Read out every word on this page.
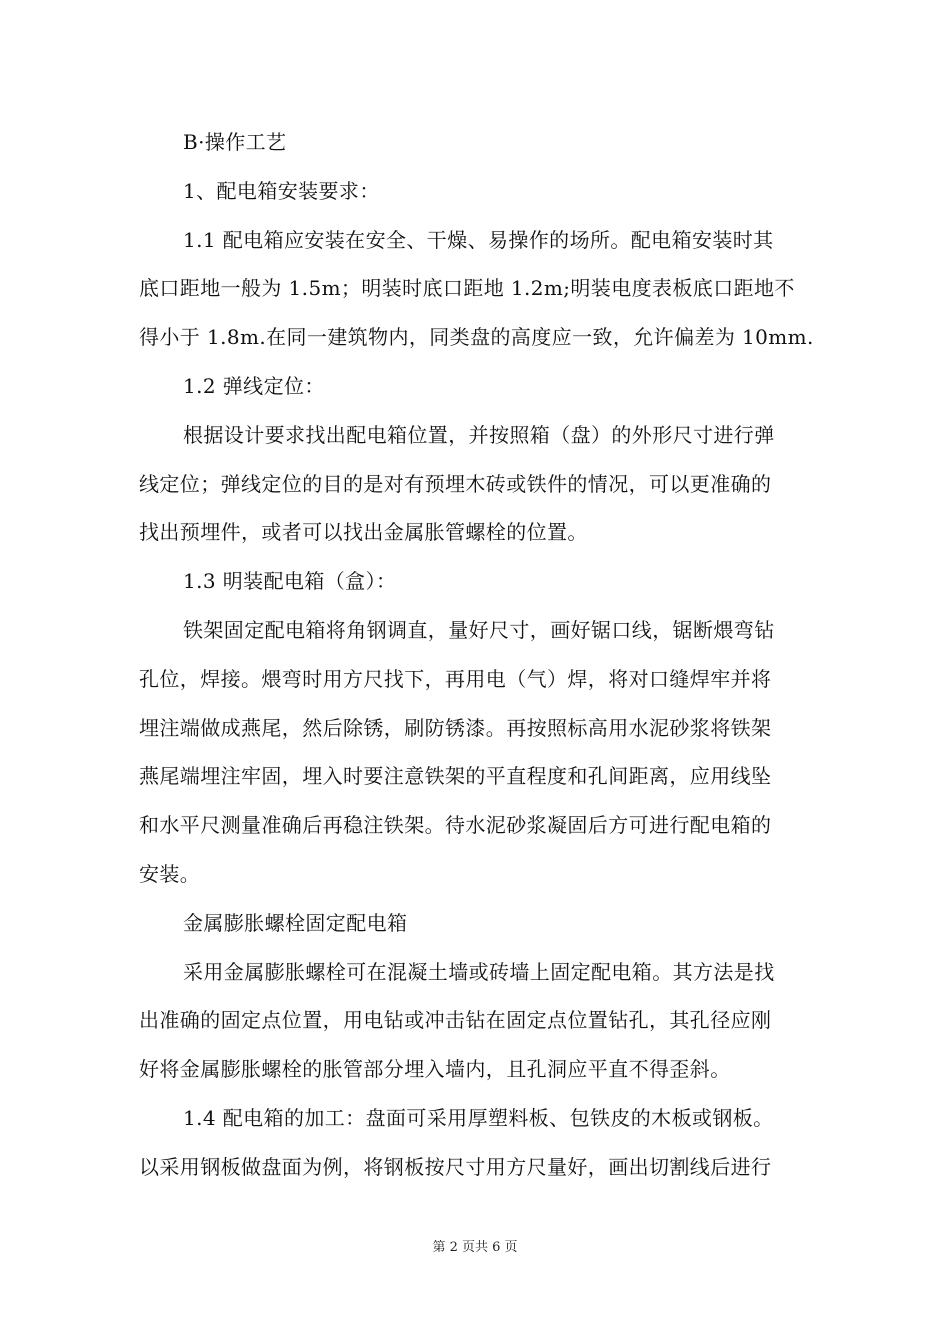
B·操作工艺
1、配电箱安装要求：
1.1 配电箱应安装在安全、干燥、易操作的场所。配电箱安装时其
底口距地一般为 1.5m；明装时底口距地 1.2m;明装电度表板底口距地不
得小于 1.8m.在同一建筑物内，同类盘的高度应一致，允许偏差为 10mm.
1.2 弹线定位：
根据设计要求找出配电箱位置，并按照箱（盘）的外形尺寸进行弹
线定位；弹线定位的目的是对有预埋木砖或铁件的情况，可以更准确的
找出预埋件，或者可以找出金属胀管螺栓的位置。
1.3 明装配电箱（盒）：
铁架固定配电箱将角钢调直，量好尺寸，画好锯口线，锯断煨弯钻
孔位，焊接。煨弯时用方尺找下，再用电（气）焊，将对口缝焊牢并将
埋注端做成燕尾，然后除锈，刷防锈漆。再按照标高用水泥砂浆将铁架
燕尾端埋注牢固，埋入时要注意铁架的平直程度和孔间距离，应用线坠
和水平尺测量准确后再稳注铁架。待水泥砂浆凝固后方可进行配电箱的
安装。
金属膨胀螺栓固定配电箱
采用金属膨胀螺栓可在混凝土墙或砖墙上固定配电箱。其方法是找
出准确的固定点位置，用电钻或冲击钻在固定点位置钻孔，其孔径应刚
好将金属膨胀螺栓的胀管部分埋入墙内，且孔洞应平直不得歪斜。
1.4 配电箱的加工：盘面可采用厚塑料板、包铁皮的木板或钢板。
以采用钢板做盘面为例，将钢板按尺寸用方尺量好，画出切割线后进行
第 2 页共 6 页
